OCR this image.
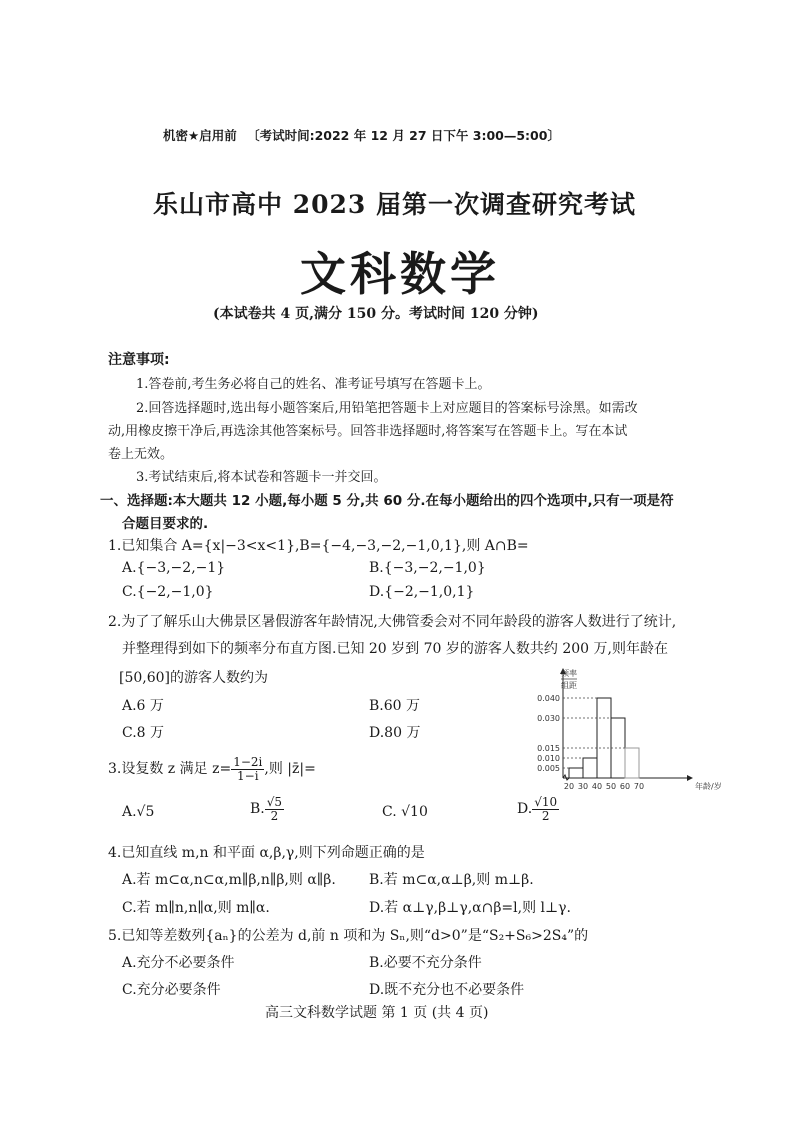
机密★启用前 〔考试时间:2022 年 12 月 27 日下午 3:00—5:00〕
乐山市高中 2023 届第一次调查研究考试
文科数学
(本试卷共 4 页,满分 150 分。考试时间 120 分钟)
注意事项:
1.答卷前,考生务必将自己的姓名、准考证号填写在答题卡上。
2.回答选择题时,选出每小题答案后,用铅笔把答题卡上对应题目的答案标号涂黑。如需改
动,用橡皮擦干净后,再选涂其他答案标号。回答非选择题时,将答案写在答题卡上。写在本试
卷上无效。
3.考试结束后,将本试卷和答题卡一并交回。
一、选择题:本大题共 12 小题,每小题 5 分,共 60 分.在每小题给出的四个选项中,只有一项是符
合题目要求的.
1.已知集合 A={x|−3<x<1},B={−4,−3,−2,−1,0,1},则 A∩B=
A.{−3,−2,−1}	B.{−3,−2,−1,0}
C.{−2,−1,0}	D.{−2,−1,0,1}
2.为了了解乐山大佛景区暑假游客年龄情况,大佛管委会对不同年龄段的游客人数进行了统计,
并整理得到如下的频率分布直方图.已知 20 岁到 70 岁的游客人数共约 200 万,则年龄在
[50,60]的游客人数约为
A.6 万	B.60 万
C.8 万	D.80 万
0.005
0.010
0.015
0.030
0.040
20 30 40 50 60 70	年龄/岁
频率
组距
3.设复数 z 满足 $z= \frac{1-2i}{1-i}$ ,则 |z̄|=
A.√5	B. $\frac{√5}{2}$	C. √10	D. $\frac{√10}{2}$
4.已知直线 m,n 和平面 α,β,γ,则下列命题正确的是
A.若 m⊂α,n⊂α,m∥β,n∥β,则 α∥β. B.若 m⊂α,α⊥β,则 m⊥β.
C.若 m∥n,n∥α,则 m∥α.	D.若 α⊥γ,β⊥γ,α∩β=l,则 l⊥γ.
5.已知等差数列{aₙ}的公差为 d,前 n 项和为 Sₙ,则“d>0”是“S₂+S₆>2S₄”的
A.充分不必要条件	B.必要不充分条件
C.充分必要条件	D.既不充分也不必要条件
高三文科数学试题 第 1 页 (共 4 页)
